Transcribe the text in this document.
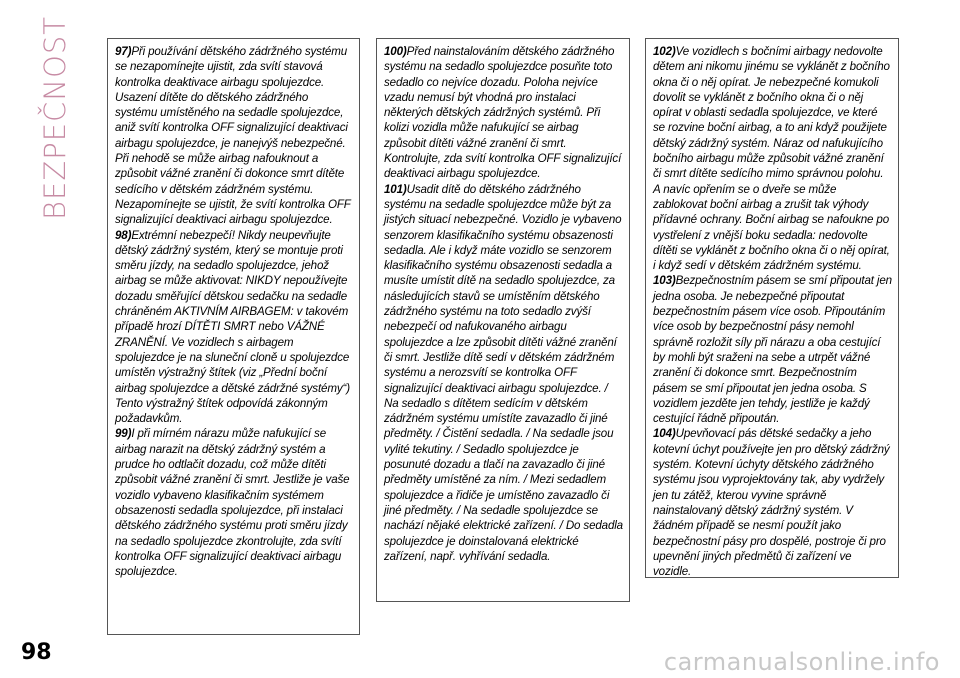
BEZPEČNOST	97)Při používání dětského zádržného systému se nezapomínejte ujistit, zda svítí stavová kontrolka deaktivace airbagu spolujezdce. Usazení dítěte do dětského zádržného systému umístěného na sedadle spolujezdce, aniž svítí kontrolka OFF signalizující deaktivaci airbagu spolujezdce, je nanejvýš nebezpečné. Při nehodě se může airbag nafouknout a způsobit vážné zranění či dokonce smrt dítěte sedícího v dětském zádržném systému. Nezapomínejte se ujistit, že svítí kontrolka OFF signalizující deaktivaci airbagu spolujezdce.

98)Extrémní nebezpečí! Nikdy neupevňujte dětský zádržný systém, který se montuje proti směru jízdy, na sedadlo spolujezdce, jehož airbag se může aktivovat: NIKDY nepoužívejte dozadu směřující dětskou sedačku na sedadle chráněném AKTIVNÍM AIRBAGEM: v takovém případě hrozí DÍTĚTI SMRT nebo VÁŽNÉ ZRANĚNÍ. Ve vozidlech s airbagem spolujezdce je na sluneční cloně u spolujezdce umístěn výstražný štítek (viz „Přední boční airbag spolujezdce a dětské zádržné systémy“) Tento výstražný štítek odpovídá zákonným požadavkům.

99)I při mírném nárazu může nafukující se airbag narazit na dětský zádržný systém a prudce ho odtlačit dozadu, což může dítěti způsobit vážné zranění či smrt. Jestliže je vaše vozidlo vybaveno klasifikačním systémem obsazenosti sedadla spolujezdce, při instalaci dětského zádržného systému proti směru jízdy na sedadlo spolujezdce zkontrolujte, zda svítí kontrolka OFF signalizující deaktivaci airbagu spolujezdce.

100)Před nainstalováním dětského zádržného systému na sedadlo spolujezdce posuňte toto sedadlo co nejvíce dozadu. Poloha nejvíce vzadu nemusí být vhodná pro instalaci některých dětských zádržných systémů. Při kolizi vozidla může nafukující se airbag způsobit dítěti vážné zranění či smrt. Kontrolujte, zda svítí kontrolka OFF signalizující deaktivaci airbagu spolujezdce.

101)Usadit dítě do dětského zádržného systému na sedadle spolujezdce může být za jistých situací nebezpečné. Vozidlo je vybaveno senzorem klasifikačního systému obsazenosti sedadla. Ale i když máte vozidlo se senzorem klasifikačního systému obsazenosti sedadla a musíte umístit dítě na sedadlo spolujezdce, za následujících stavů se umístěním dětského zádržného systému na toto sedadlo zvýší nebezpečí od nafukovaného airbagu spolujezdce a lze způsobit dítěti vážné zranění či smrt. Jestliže dítě sedí v dětském zádržném systému a nerozsvítí se kontrolka OFF signalizující deaktivaci airbagu spolujezdce. / Na sedadlo s dítětem sedícím v dětském zádržném systému umístíte zavazadlo či jiné předměty. / Čistění sedadla. / Na sedadle jsou vylité tekutiny. / Sedadlo spolujezdce je posunuté dozadu a tlačí na zavazadlo či jiné předměty umístěné za ním. / Mezi sedadlem spolujezdce a řidiče je umístěno zavazadlo či jiné předměty. / Na sedadle spolujezdce se nachází nějaké elektrické zařízení. / Do sedadla spolujezdce je doinstalovaná elektrické zařízení, např. vyhřívání sedadla.

102)Ve vozidlech s bočními airbagy nedovolte dětem ani nikomu jinému se vyklánět z bočního okna či o něj opírat. Je nebezpečné komukoli dovolit se vyklánět z bočního okna či o něj opírat v oblasti sedadla spolujezdce, ve které se rozvine boční airbag, a to ani když použijete dětský zádržný systém. Náraz od nafukujícího bočního airbagu může způsobit vážné zranění či smrt dítěte sedícího mimo správnou polohu. A navíc opřením se o dveře se může zablokovat boční airbag a zrušit tak výhody přídavné ochrany. Boční airbag se nafoukne po vystřelení z vnější boku sedadla: nedovolte dítěti se vyklánět z bočního okna či o něj opírat, i když sedí v dětském zádržném systému.

103)Bezpečnostním pásem se smí připoutat jen jedna osoba. Je nebezpečné připoutat bezpečnostním pásem více osob. Připoutáním více osob by bezpečnostní pásy nemohl správně rozložit síly při nárazu a oba cestující by mohli být sraženi na sebe a utrpět vážné zranění či dokonce smrt. Bezpečnostním pásem se smí připoutat jen jedna osoba. S vozidlem jezděte jen tehdy, jestliže je každý cestující řádně připoután.

104)Upevňovací pás dětské sedačky a jeho kotevní úchyt používejte jen pro dětský zádržný systém. Kotevní úchyty dětského zádržného systému jsou vyprojektovány tak, aby vydržely jen tu zátěž, kterou vyvine správně nainstalovaný dětský zádržný systém. V žádném případě se nesmí použít jako bezpečnostní pásy pro dospělé, postroje či pro upevnění jiných předmětů či zařízení ve vozidle.

98	carmanualsonline.info
